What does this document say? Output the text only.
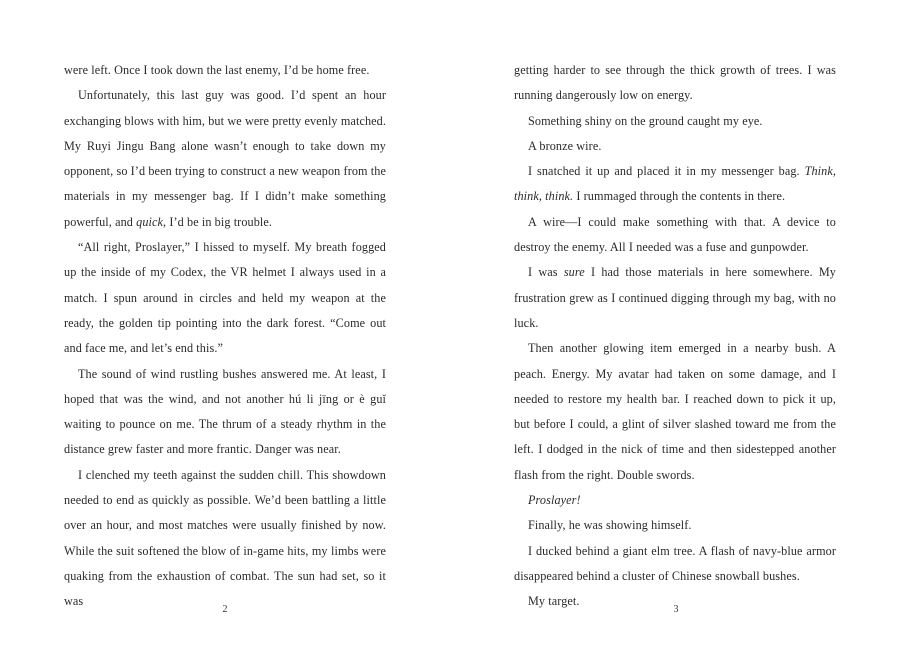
were left. Once I took down the last enemy, I’d be home free.

Unfortunately, this last guy was good. I’d spent an hour exchanging blows with him, but we were pretty evenly matched. My Ruyi Jingu Bang alone wasn’t enough to take down my opponent, so I’d been trying to construct a new weapon from the materials in my messenger bag. If I didn’t make something powerful, and quick, I’d be in big trouble.

“All right, Proslayer,” I hissed to myself. My breath fogged up the inside of my Codex, the VR helmet I always used in a match. I spun around in circles and held my weapon at the ready, the golden tip pointing into the dark forest. “Come out and face me, and let’s end this.”

The sound of wind rustling bushes answered me. At least, I hoped that was the wind, and not another hú li jīng or è guǐ waiting to pounce on me. The thrum of a steady rhythm in the distance grew faster and more frantic. Danger was near.

I clenched my teeth against the sudden chill. This showdown needed to end as quickly as possible. We’d been battling a little over an hour, and most matches were usually finished by now. While the suit softened the blow of in-game hits, my limbs were quaking from the exhaustion of combat. The sun had set, so it was

2

getting harder to see through the thick growth of trees. I was running dangerously low on energy.

Something shiny on the ground caught my eye.

A bronze wire.

I snatched it up and placed it in my messenger bag. Think, think, think. I rummaged through the contents in there.

A wire—I could make something with that. A device to destroy the enemy. All I needed was a fuse and gunpowder.

I was sure I had those materials in here somewhere. My frustration grew as I continued digging through my bag, with no luck.

Then another glowing item emerged in a nearby bush. A peach. Energy. My avatar had taken on some damage, and I needed to restore my health bar. I reached down to pick it up, but before I could, a glint of silver slashed toward me from the left. I dodged in the nick of time and then sidestepped another flash from the right. Double swords.

Proslayer!

Finally, he was showing himself.

I ducked behind a giant elm tree. A flash of navy-blue armor disappeared behind a cluster of Chinese snowball bushes.

My target.

3
